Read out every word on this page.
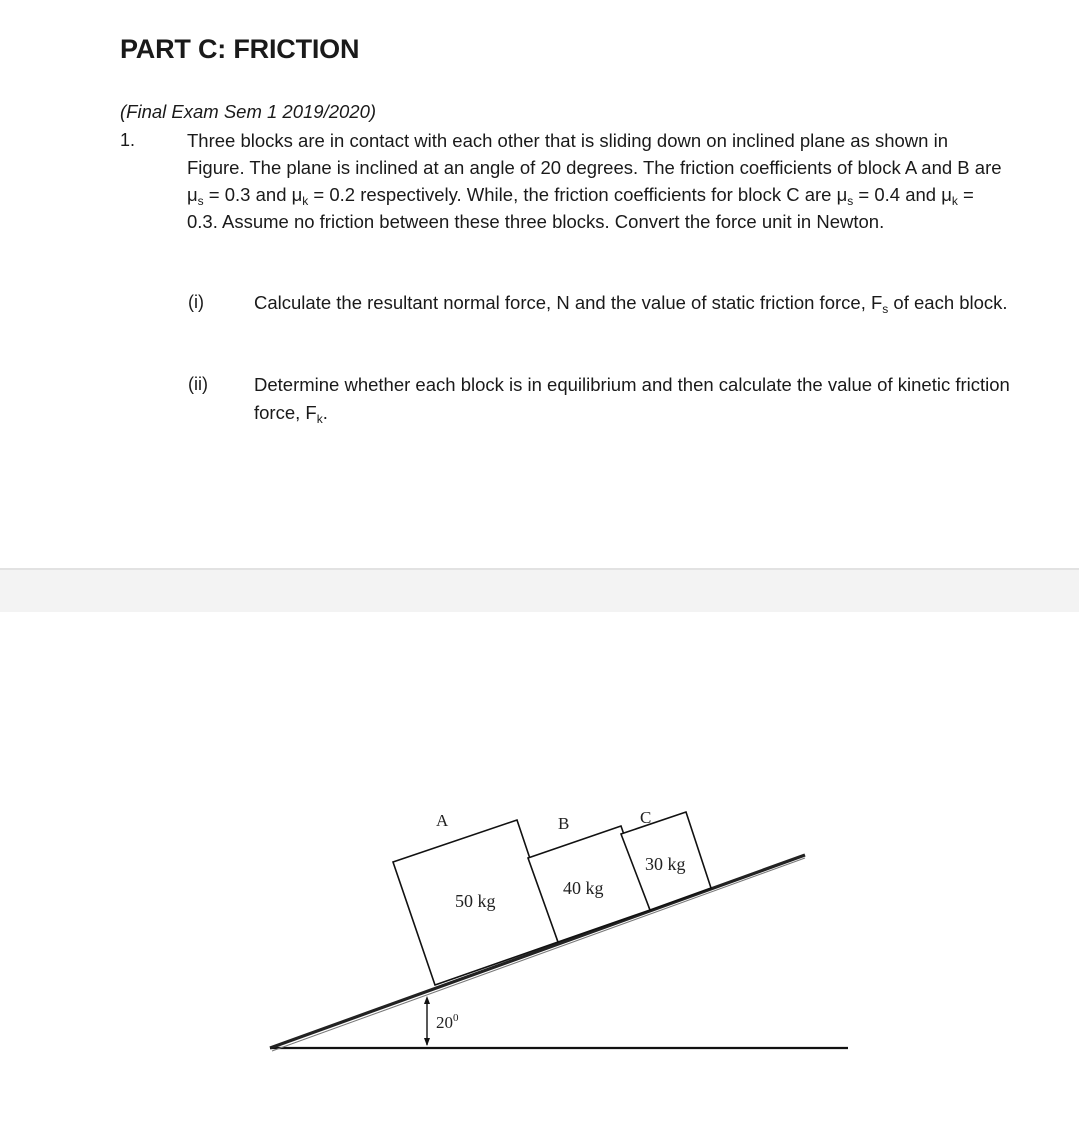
PART C: FRICTION
(Final Exam Sem 1 2019/2020)
1.	Three blocks are in contact with each other that is sliding down on inclined plane as shown in Figure. The plane is inclined at an angle of 20 degrees. The friction coefficients of block A and B are $\mu_s = 0.3$ and $\mu_k = 0.2$ respectively. While, the friction coefficients for block C are $\mu_s = 0.4$ and $\mu_k = 0.3$. Assume no friction between these three blocks. Convert the force unit in Newton.

(i)	Calculate the resultant normal force, N and the value of static friction force, $F_s$ of each block.

(ii) Determine whether each block is in equilibrium and then calculate the value of kinetic friction force, $F_k$.

A	B	C
50 kg
40 kg
30 kg
$20^0$
